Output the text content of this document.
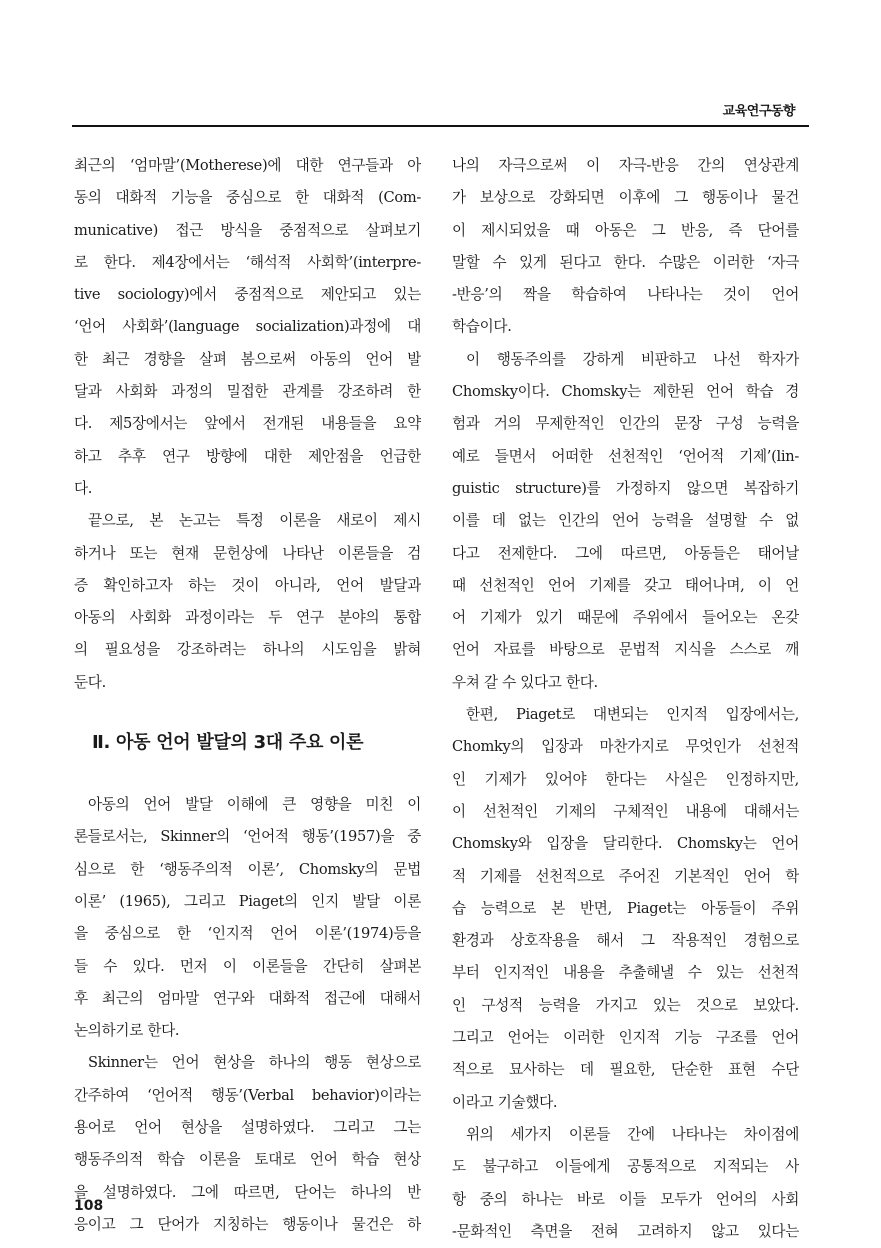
교육연구동향
최근의 ‘엄마말’(Motherese)에 대한 연구들과 아
동의 대화적 기능을 중심으로 한 대화적 (Com-
municative) 접근 방식을 중점적으로 살펴보기
로 한다. 제4장에서는 ‘해석적 사회학’(interpre-
tive sociology)에서 중점적으로 제안되고 있는
‘언어 사회화’(language socialization)과정에 대
한 최근 경향을 살펴 봄으로써 아동의 언어 발
달과 사회화 과정의 밀접한 관계를 강조하려 한
다. 제5장에서는 앞에서 전개된 내용들을 요약
하고 추후 연구 방향에 대한 제안점을 언급한
다.
끝으로, 본 논고는 특정 이론을 새로이 제시
하거나 또는 현재 문헌상에 나타난 이론들을 검
증 확인하고자 하는 것이 아니라, 언어 발달과
아동의 사회화 과정이라는 두 연구 분야의 통합
의 필요성을 강조하려는 하나의 시도임을 밝혀
둔다.
Ⅱ. 아동 언어 발달의 3대 주요 이론
아동의 언어 발달 이해에 큰 영향을 미친 이
론들로서는, Skinner의 ‘언어적 행동’(1957)을 중
심으로 한 ‘행동주의적 이론’, Chomsky의 문법
이론’ (1965), 그리고 Piaget의 인지 발달 이론
을 중심으로 한 ‘인지적 언어 이론’(1974)등을
들 수 있다. 먼저 이 이론들을 간단히 살펴본
후 최근의 엄마말 연구와 대화적 접근에 대해서
논의하기로 한다.
Skinner는 언어 현상을 하나의 행동 현상으로
간주하여 ‘언어적 행동’(Verbal behavior)이라는
용어로 언어 현상을 설명하였다. 그리고 그는
행동주의적 학습 이론을 토대로 언어 학습 현상
을 설명하였다. 그에 따르면, 단어는 하나의 반
응이고 그 단어가 지칭하는 행동이나 물건은 하
나의 자극으로써 이 자극-반응 간의 연상관계
가 보상으로 강화되면 이후에 그 행동이나 물건
이 제시되었을 때 아동은 그 반응, 즉 단어를
말할 수 있게 된다고 한다. 수많은 이러한 ‘자극
-반응’의 짝을 학습하여 나타나는 것이 언어
학습이다.
이 행동주의를 강하게 비판하고 나선 학자가
Chomsky이다. Chomsky는 제한된 언어 학습 경
험과 거의 무제한적인 인간의 문장 구성 능력을
예로 들면서 어떠한 선천적인 ‘언어적 기제’(lin-
guistic structure)를 가정하지 않으면 복잡하기
이를 데 없는 인간의 언어 능력을 설명할 수 없
다고 전제한다. 그에 따르면, 아동들은 태어날
때 선천적인 언어 기제를 갖고 태어나며, 이 언
어 기제가 있기 때문에 주위에서 들어오는 온갖
언어 자료를 바탕으로 문법적 지식을 스스로 깨
우쳐 갈 수 있다고 한다.
한편, Piaget로 대변되는 인지적 입장에서는,
Chomky의 입장과 마찬가지로 무엇인가 선천적
인 기제가 있어야 한다는 사실은 인정하지만,
이 선천적인 기제의 구체적인 내용에 대해서는
Chomsky와 입장을 달리한다. Chomsky는 언어
적 기제를 선천적으로 주어진 기본적인 언어 학
습 능력으로 본 반면, Piaget는 아동들이 주위
환경과 상호작용을 해서 그 작용적인 경험으로
부터 인지적인 내용을 추출해낼 수 있는 선천적
인 구성적 능력을 가지고 있는 것으로 보았다.
그리고 언어는 이러한 인지적 기능 구조를 언어
적으로 묘사하는 데 필요한, 단순한 표현 수단
이라고 기술했다.
위의 세가지 이론들 간에 나타나는 차이점에
도 불구하고 이들에게 공통적으로 지적되는 사
항 중의 하나는 바로 이들 모두가 언어의 사회
-문화적인 측면을 전혀 고려하지 않고 있다는
108
